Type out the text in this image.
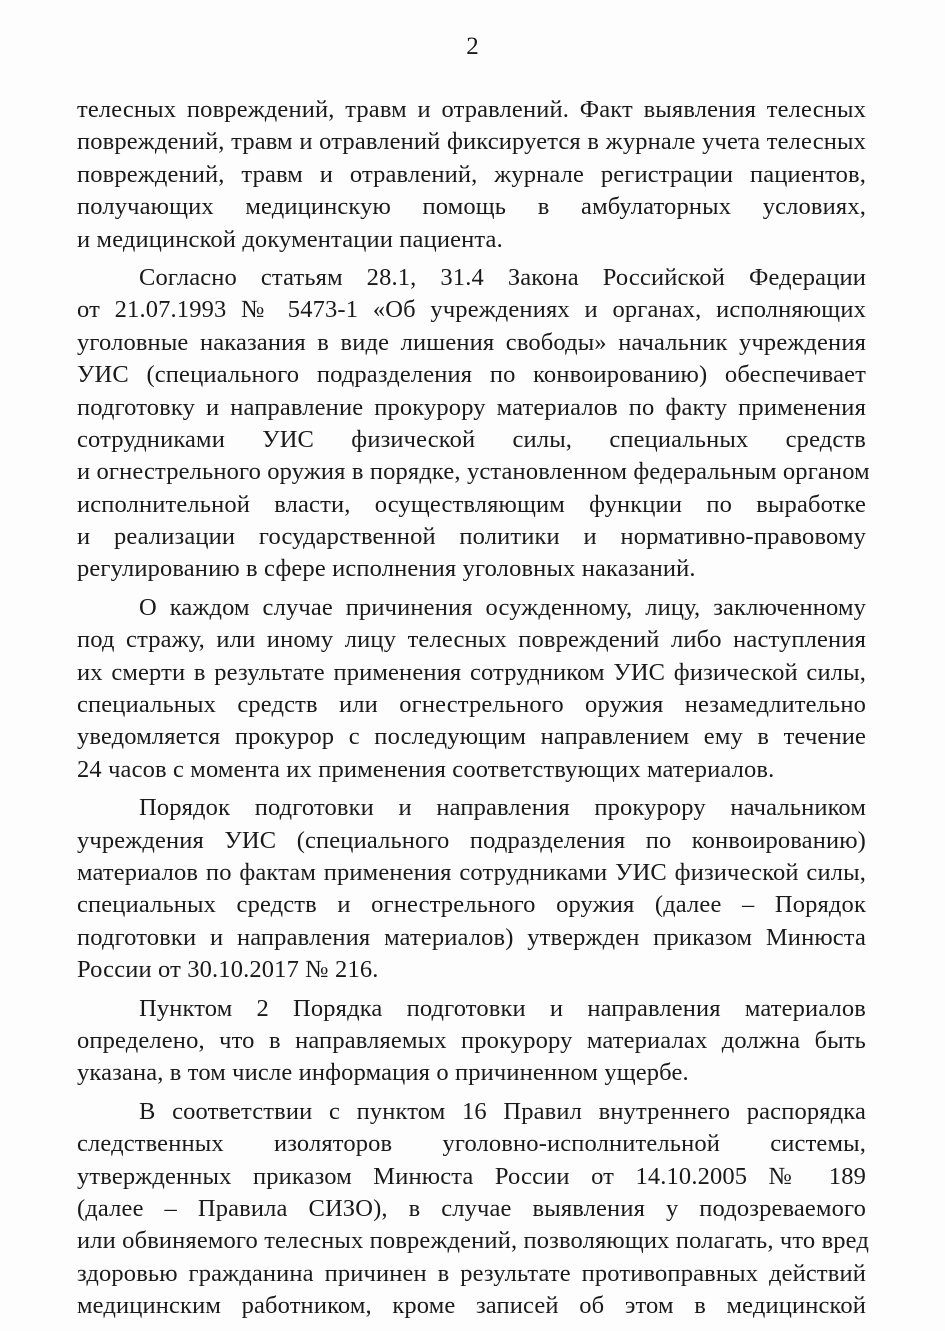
2
телесных повреждений, травм и отравлений. Факт выявления телесных
повреждений, травм и отравлений фиксируется в журнале учета телесных
повреждений, травм и отравлений, журнале регистрации пациентов,
получающих медицинскую помощь в амбулаторных условиях,
и медицинской документации пациента.
Согласно статьям 28.1, 31.4 Закона Российской Федерации
от 21.07.1993 № 5473-1 «Об учреждениях и органах, исполняющих
уголовные наказания в виде лишения свободы» начальник учреждения
УИС (специального подразделения по конвоированию) обеспечивает
подготовку и направление прокурору материалов по факту применения
сотрудниками УИС физической силы, специальных средств
и огнестрельного оружия в порядке, установленном федеральным органом
исполнительной власти, осуществляющим функции по выработке
и реализации государственной политики и нормативно-правовому
регулированию в сфере исполнения уголовных наказаний.
О каждом случае причинения осужденному, лицу, заключенному
под стражу, или иному лицу телесных повреждений либо наступления
их смерти в результате применения сотрудником УИС физической силы,
специальных средств или огнестрельного оружия незамедлительно
уведомляется прокурор с последующим направлением ему в течение
24 часов с момента их применения соответствующих материалов.
Порядок подготовки и направления прокурору начальником
учреждения УИС (специального подразделения по конвоированию)
материалов по фактам применения сотрудниками УИС физической силы,
специальных средств и огнестрельного оружия (далее – Порядок
подготовки и направления материалов) утвержден приказом Минюста
России от 30.10.2017 № 216.
Пунктом 2 Порядка подготовки и направления материалов
определено, что в направляемых прокурору материалах должна быть
указана, в том числе информация о причиненном ущербе.
В соответствии с пунктом 16 Правил внутреннего распорядка
следственных изоляторов уголовно-исполнительной системы,
утвержденных приказом Минюста России от 14.10.2005 № 189
(далее – Правила СИЗО), в случае выявления у подозреваемого
или обвиняемого телесных повреждений, позволяющих полагать, что вред
здоровью гражданина причинен в результате противоправных действий
медицинским работником, кроме записей об этом в медицинской
